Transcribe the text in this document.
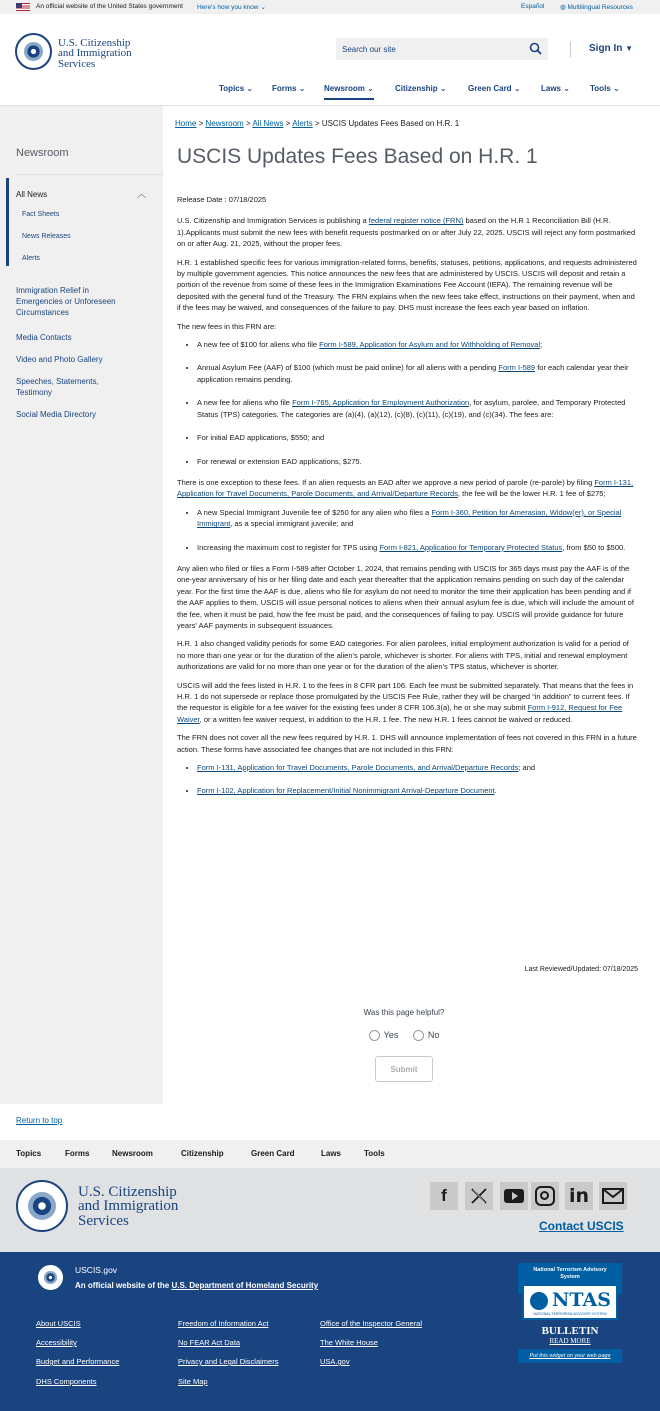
An official website of the United States government Here's how you know ⌄	Español ◍ Multilingual Resources
U.S. Citizenship
and Immigration
Services
Search our site	Sign In ▼
Topics ⌄ Forms ⌄ Newsroom ⌄	Citizenship ⌄	Green Card ⌄	Laws ⌄	Tools ⌄
Newsroom
All News	︿
Fact Sheets
News Releases
Alerts
Immigration Relief in Emergencies or Unforeseen Circumstances
Media Contacts
Video and Photo Gallery
Speeches, Statements, Testimony
Social Media Directory
Home > Newsroom > All News > Alerts > USCIS Updates Fees Based on H.R. 1
USCIS Updates Fees Based on H.R. 1

Release Date : 07/18/2025

U.S. Citizenship and Immigration Services is publishing a federal register notice (FRN) based on the H.R 1 Reconciliation Bill (H.R. 1).Applicants must submit the new fees with benefit requests postmarked on or after July 22, 2025. USCIS will reject any form postmarked on or after Aug. 21, 2025, without the proper fees.

H.R. 1 established specific fees for various immigration-related forms, benefits, statuses, petitions, applications, and requests administered by multiple government agencies. This notice announces the new fees that are administered by USCIS. USCIS will deposit and retain a portion of the revenue from some of these fees in the Immigration Examinations Fee Account (IEFA). The remaining revenue will be deposited with the general fund of the Treasury. The FRN explains when the new fees take effect, instructions on their payment, when and if the fees may be waived, and consequences of the failure to pay. DHS must increase the fees each year based on inflation.

The new fees in this FRN are:

• A new fee of $100 for aliens who file Form I-589, Application for Asylum and for Withholding of Removal;
• Annual Asylum Fee (AAF) of $100 (which must be paid online) for all aliens with a pending Form I-589 for each calendar year their application remains pending.
• A new fee for aliens who file Form I-765, Application for Employment Authorization, for asylum, parolee, and Temporary Protected Status (TPS) categories. The categories are (a)(4), (a)(12), (c)(8), (c)(11), (c)(19), and (c)(34). The fees are:
• For initial EAD applications, $550; and
• For renewal or extension EAD applications, $275.

There is one exception to these fees. If an alien requests an EAD after we approve a new period of parole (re-parole) by filing Form I-131, Application for Travel Documents, Parole Documents, and Arrival/Departure Records, the fee will be the lower H.R. 1 fee of $275;

• A new Special Immigrant Juvenile fee of $250 for any alien who files a Form I-360, Petition for Amerasian, Widow(er), or Special Immigrant, as a special immigrant juvenile; and
• Increasing the maximum cost to register for TPS using Form I-821, Application for Temporary Protected Status, from $50 to $500.

Any alien who filed or files a Form I-589 after October 1, 2024, that remains pending with USCIS for 365 days must pay the AAF is of the one-year anniversary of his or her filing date and each year thereafter that the application remains pending on such day of the calendar year. For the first time the AAF is due, aliens who file for asylum do not need to monitor the time their application has been pending and if the AAF applies to them. USCIS will issue personal notices to aliens when their annual asylum fee is due, which will include the amount of the fee, when it must be paid, how the fee must be paid, and the consequences of failing to pay. USCIS will provide guidance for future years' AAF payments in subsequent issuances.

H.R. 1 also changed validity periods for some EAD categories. For alien parolees, initial employment authorization is valid for a period of no more than one year or for the duration of the alien's parole, whichever is shorter. For aliens with TPS, initial and renewal employment authorizations are valid for no more than one year or for the duration of the alien's TPS status, whichever is shorter.

USCIS will add the fees listed in H.R. 1 to the fees in 8 CFR part 106. Each fee must be submitted separately. That means that the fees in H.R. 1 do not supersede or replace those promulgated by the USCIS Fee Rule, rather they will be charged “in addition” to current fees. If the requestor is eligible for a fee waiver for the existing fees under 8 CFR 106.3(a), he or she may submit Form I-912, Request for Fee Waiver, or a written fee waiver request, in addition to the H.R. 1 fee. The new H.R. 1 fees cannot be waived or reduced.

The FRN does not cover all the new fees required by H.R. 1. DHS will announce implementation of fees not covered in this FRN in a future action. These forms have associated fee changes that are not included in this FRN:

• Form I-131, Application for Travel Documents, Parole Documents, and Arrival/Departure Records; and
• Form I-102, Application for Replacement/Initial Nonimmigrant Arrival-Departure Document.
Last Reviewed/Updated: 07/18/2025
Was this page helpful?
Yes	No
Submit
Return to top
Topics	Forms	Newsroom	Citizenship	Green Card	Laws	Tools
U.S. Citizenship
and Immigration
Services
f	in
Contact USCIS
USCIS.gov
An official website of the U.S. Department of Homeland Security
About USCIS
Accessibility
Budget and Performance
DHS Components
Freedom of Information Act
No FEAR Act Data
Privacy and Legal Disclaimers
Site Map
Office of the Inspector General
The White House
USA.gov
National Terrorism Advisory System
NTAS
NATIONAL TERRORISM ADVISORY SYSTEM
BULLETIN
READ MORE
Put this widget on your web page
